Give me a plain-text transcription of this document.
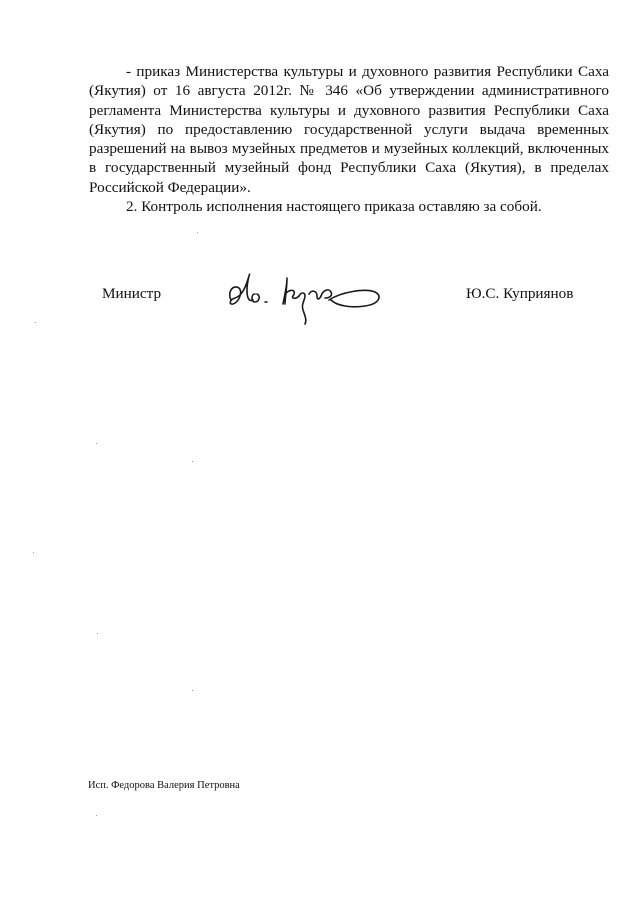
- приказ Министерства культуры и духовного развития Республики Саха (Якутия) от 16 августа 2012г. № 346 «Об утверждении административного регламента Министерства культуры и духовного развития Республики Саха (Якутия) по предоставлению государственной услуги выдача временных разрешений на вывоз музейных предметов и музейных коллекций, включенных в государственный музейный фонд Республики Саха (Якутия), в пределах Российской Федерации».

2. Контроль исполнения настоящего приказа оставляю за собой.

Министр	Ю.С. Куприянов
Исп. Федорова Валерия Петровна
